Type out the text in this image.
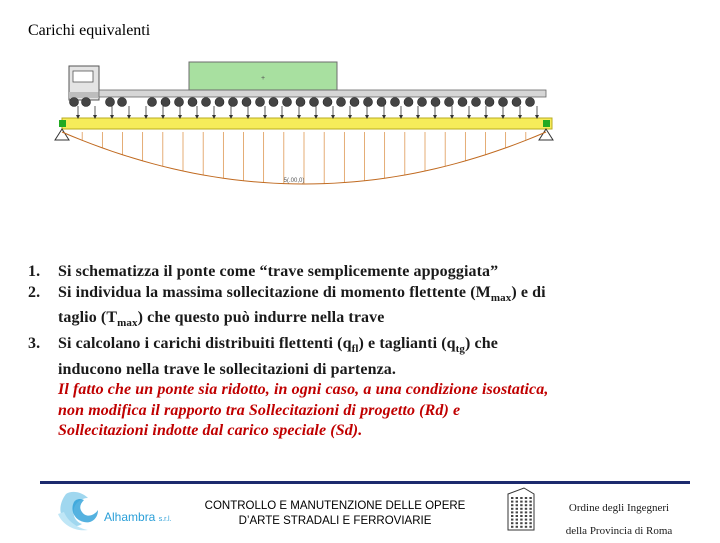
Carichi equivalenti
+
5(.00,0)
1. Si schematizza il ponte come “trave semplicemente appoggiata”
2. Si individua la massima sollecitazione di momento flettente $(M_{max})$ e di
taglio $(T_{max})$ che questo può indurre nella trave
3. Si calcolano i carichi distribuiti flettenti $(q_{fl})$ e taglianti $(q_{tg})$ che
inducono nella trave le sollecitazioni di partenza.
Il fatto che un ponte sia ridotto, in ogni caso, a una condizione isostatica,
non modifica il rapporto tra Sollecitazioni di progetto (Rd) e
Sollecitazioni indotte dal carico speciale (Sd).
Alhambra s.r.l.
CONTROLLO E MANUTENZIONE DELLE OPERE
D’ARTE STRADALI E FERROVIARIE
Ordine degli Ingegneri
della Provincia di Roma
